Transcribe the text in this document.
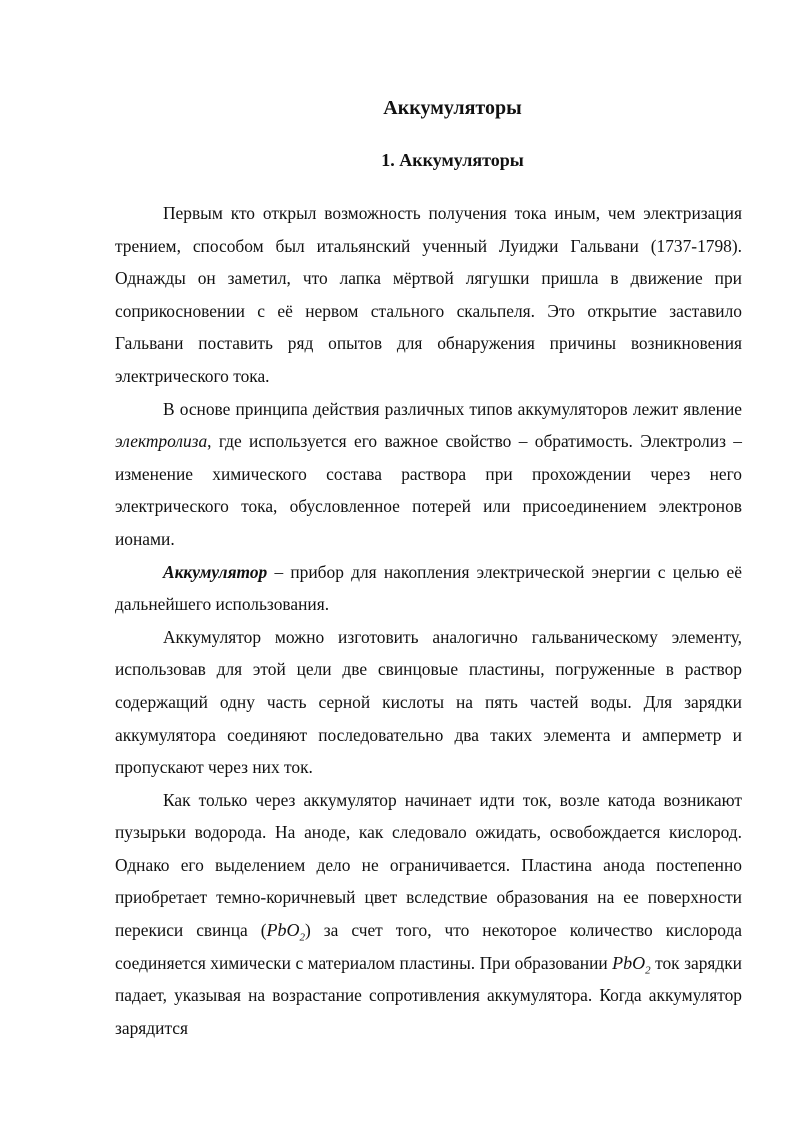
Аккумуляторы
1. Аккумуляторы

Первым кто открыл возможность получения тока иным, чем электризация трением, способом был итальянский ученный Луиджи Гальвани (1737-1798). Однажды он заметил, что лапка мёртвой лягушки пришла в движение при соприкосновении с её нервом стального скальпеля. Это открытие заставило Гальвани поставить ряд опытов для обнаружения причины возникновения электрического тока.

В основе принципа действия различных типов аккумуляторов лежит явление электролиза, где используется его важное свойство – обратимость. Электролиз – изменение химического состава раствора при прохождении через него электрического тока, обусловленное потерей или присоединением электронов ионами.

Аккумулятор – прибор для накопления электрической энергии с целью её дальнейшего использования.

Аккумулятор можно изготовить аналогично гальваническому элементу, использовав для этой цели две свинцовые пластины, погруженные в раствор содержащий одну часть серной кислоты на пять частей воды. Для зарядки аккумулятора соединяют последовательно два таких элемента и амперметр и пропускают через них ток.

Как только через аккумулятор начинает идти ток, возле катода возникают пузырьки водорода. На аноде, как следовало ожидать, освобождается кислород. Однако его выделением дело не ограничивается. Пластина анода постепенно приобретает темно-коричневый цвет вследствие образования на ее поверхности перекиси свинца (PbO$_2$) за счет того, что некоторое количество кислорода соединяется химически с материалом пластины. При образовании PbO$_2$ ток зарядки падает, указывая на возрастание сопротивления аккумулятора. Когда аккумулятор зарядится
